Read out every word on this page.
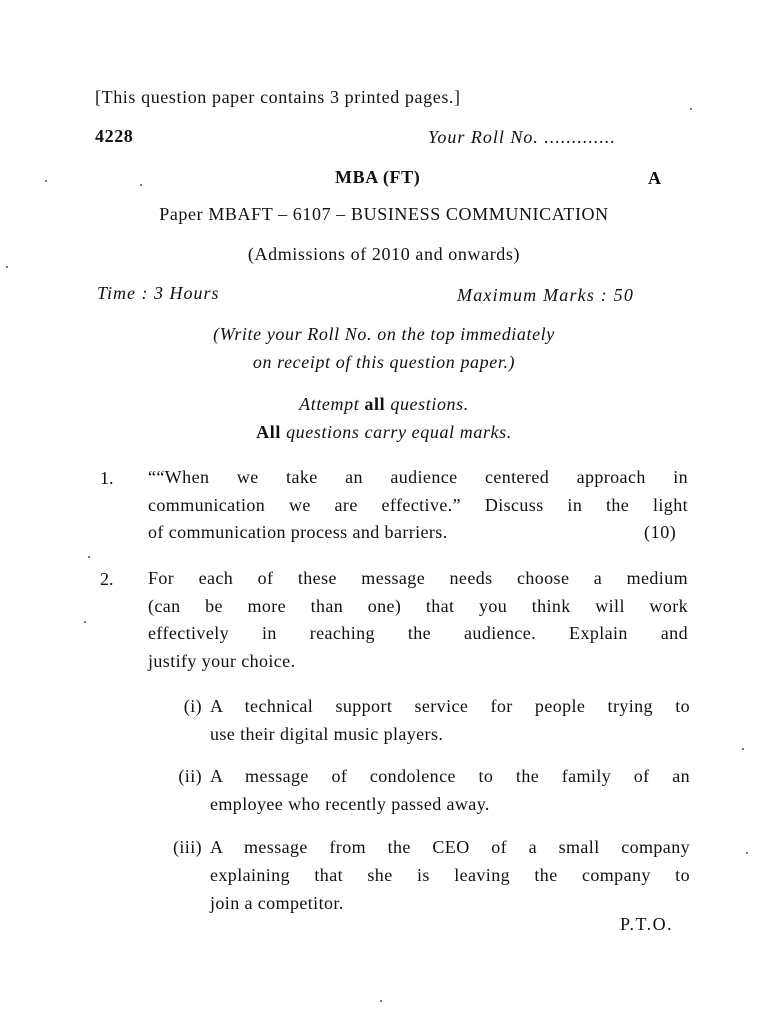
[This question paper contains 3 printed pages.]
4228	Your Roll No. .............
MBA (FT)	A
Paper MBAFT – 6107 – BUSINESS COMMUNICATION
(Admissions of 2010 and onwards)
Time : 3 Hours	Maximum Marks : 50
(Write your Roll No. on the top immediately
on receipt of this question paper.)
Attempt all questions.
All questions carry equal marks.
1. ““When we take an audience centered approach in
communication we are effective.” Discuss in the light
of communication process and barriers.	(10)
2. For each of these message needs choose a medium
(can be more than one) that you think will work
effectively in reaching the audience. Explain and
justify your choice.
(i) A technical support service for people trying to
use their digital music players.
(ii) A message of condolence to the family of an
employee who recently passed away.
(iii) A message from the CEO of a small company
explaining that she is leaving the company to
join a competitor.
P.T.O.
